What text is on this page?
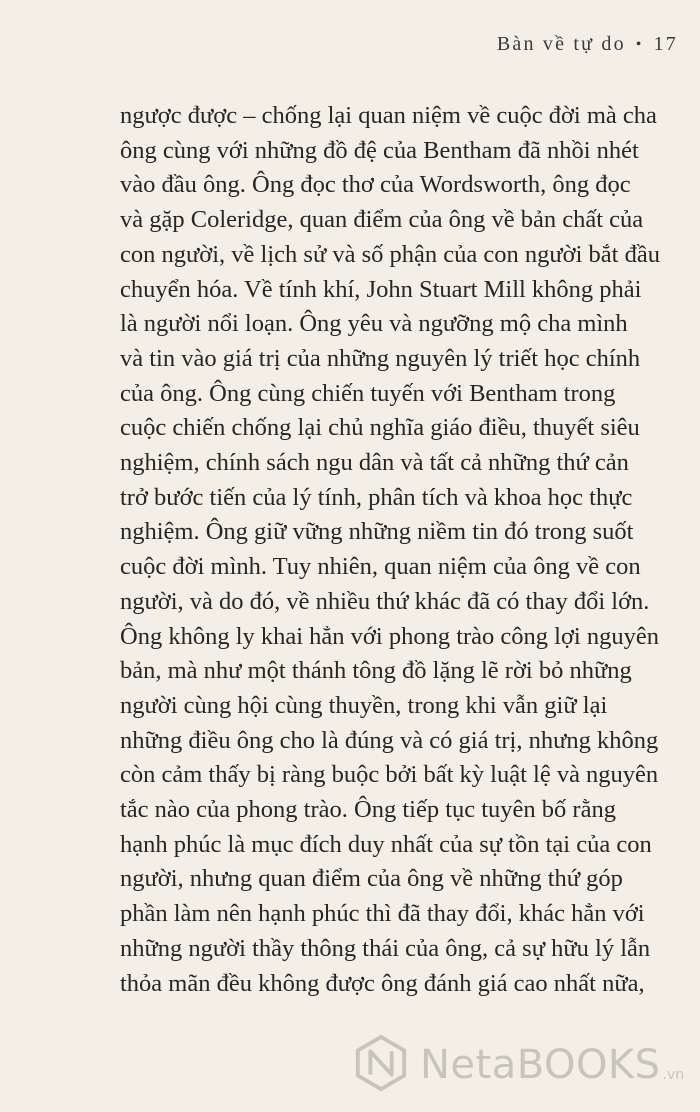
Bàn về tự do • 17
ngược được – chống lại quan niệm về cuộc đời mà cha
ông cùng với những đồ đệ của Bentham đã nhồi nhét
vào đầu ông. Ông đọc thơ của Wordsworth, ông đọc
và gặp Coleridge, quan điểm của ông về bản chất của
con người, về lịch sử và số phận của con người bắt đầu
chuyển hóa. Về tính khí, John Stuart Mill không phải
là người nổi loạn. Ông yêu và ngưỡng mộ cha mình
và tin vào giá trị của những nguyên lý triết học chính
của ông. Ông cùng chiến tuyến với Bentham trong
cuộc chiến chống lại chủ nghĩa giáo điều, thuyết siêu
nghiệm, chính sách ngu dân và tất cả những thứ cản
trở bước tiến của lý tính, phân tích và khoa học thực
nghiệm. Ông giữ vững những niềm tin đó trong suốt
cuộc đời mình. Tuy nhiên, quan niệm của ông về con
người, và do đó, về nhiều thứ khác đã có thay đổi lớn.
Ông không ly khai hẳn với phong trào công lợi nguyên
bản, mà như một thánh tông đồ lặng lẽ rời bỏ những
người cùng hội cùng thuyền, trong khi vẫn giữ lại
những điều ông cho là đúng và có giá trị, nhưng không
còn cảm thấy bị ràng buộc bởi bất kỳ luật lệ và nguyên
tắc nào của phong trào. Ông tiếp tục tuyên bố rằng
hạnh phúc là mục đích duy nhất của sự tồn tại của con
người, nhưng quan điểm của ông về những thứ góp
phần làm nên hạnh phúc thì đã thay đổi, khác hẳn với
những người thầy thông thái của ông, cả sự hữu lý lẫn
thỏa mãn đều không được ông đánh giá cao nhất nữa,
NetaBOOKS .vn
